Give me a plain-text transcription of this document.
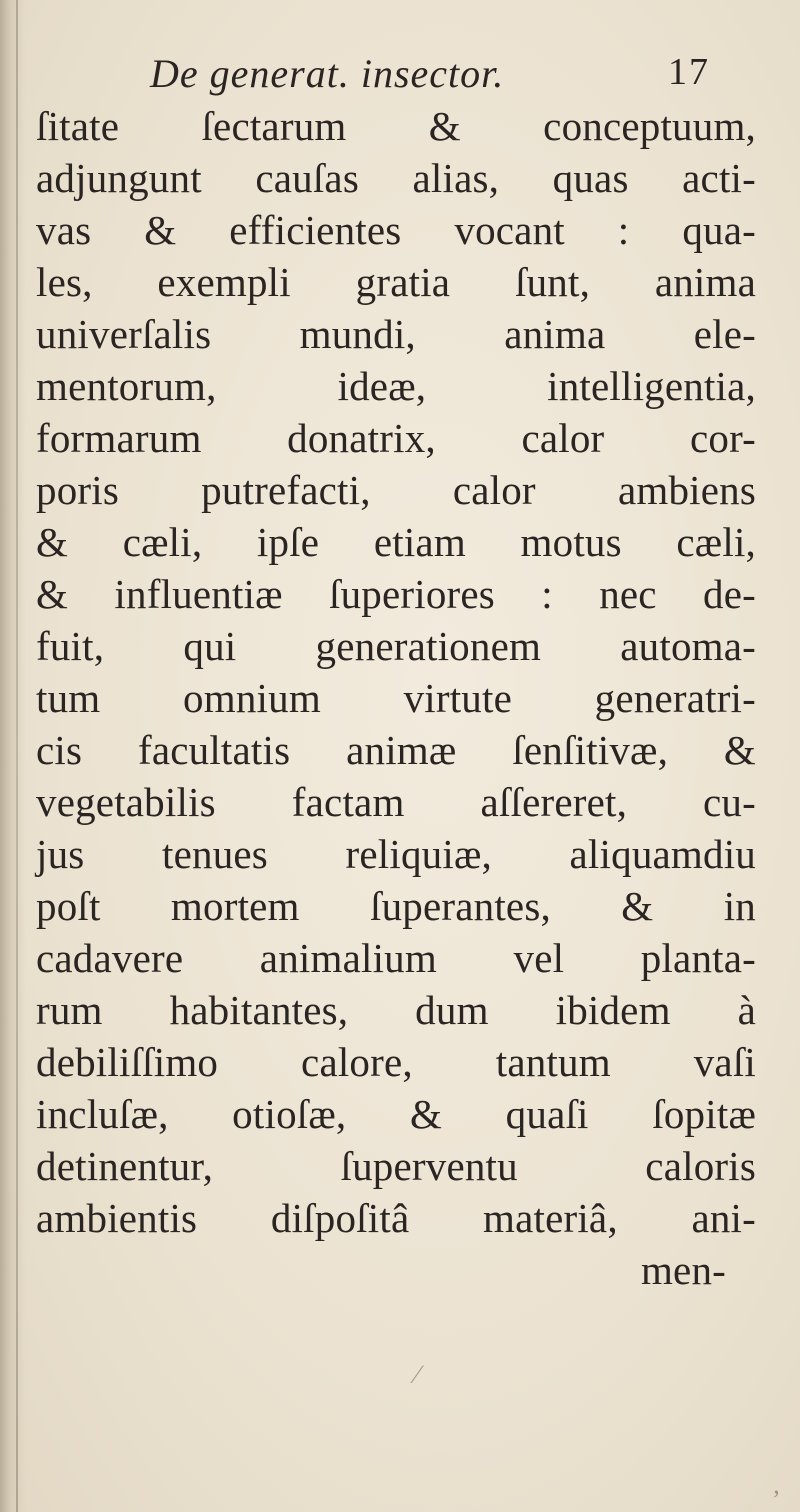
De generat. insector.	17
ſitate ſectarum & conceptuum,
adjungunt cauſas alias, quas acti-
vas & efficientes vocant : qua-
les, exempli gratia ſunt, anima
univerſalis mundi, anima ele-
mentorum, ideæ, intelligentia,
formarum donatrix, calor cor-
poris putrefacti, calor ambiens
& cæli, ipſe etiam motus cæli,
& influentiæ ſuperiores : nec de-
fuit, qui generationem automa-
tum omnium virtute generatri-
cis facultatis animæ ſenſitivæ, &
vegetabilis factam aſſereret, cu-
jus tenues reliquiæ, aliquamdiu
poſt mortem ſuperantes, & in
cadavere animalium vel planta-
rum habitantes, dum ibidem à
debiliſſimo calore, tantum vaſi
incluſæ, otioſæ, & quaſi ſopitæ
detinentur, ſuperventu caloris
ambientis diſpoſitâ materiâ, ani-
men-
⁄
‚
